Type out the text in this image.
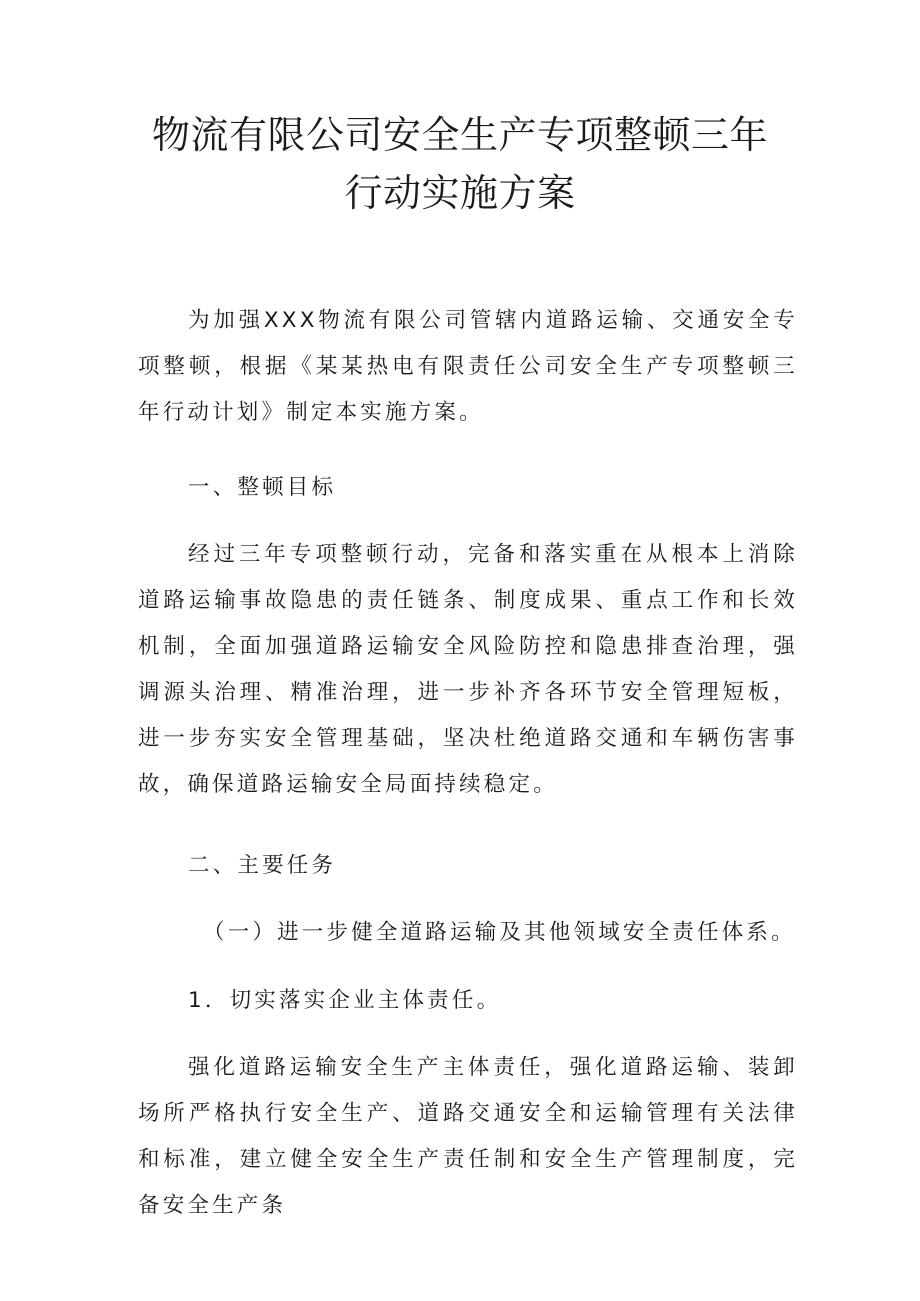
物流有限公司安全生产专项整顿三年行动实施方案

为加强XXX物流有限公司管辖内道路运输、交通安全专项整顿，根据《某某热电有限责任公司安全生产专项整顿三年行动计划》制定本实施方案。

一、整顿目标

经过三年专项整顿行动，完备和落实重在从根本上消除道路运输事故隐患的责任链条、制度成果、重点工作和长效机制，全面加强道路运输安全风险防控和隐患排查治理，强调源头治理、精准治理，进一步补齐各环节安全管理短板，进一步夯实安全管理基础，坚决杜绝道路交通和车辆伤害事故，确保道路运输安全局面持续稳定。

二、主要任务

（一）进一步健全道路运输及其他领域安全责任体系。

1．切实落实企业主体责任。

强化道路运输安全生产主体责任，强化道路运输、装卸场所严格执行安全生产、道路交通安全和运输管理有关法律和标准，建立健全安全生产责任制和安全生产管理制度，完备安全生产条
